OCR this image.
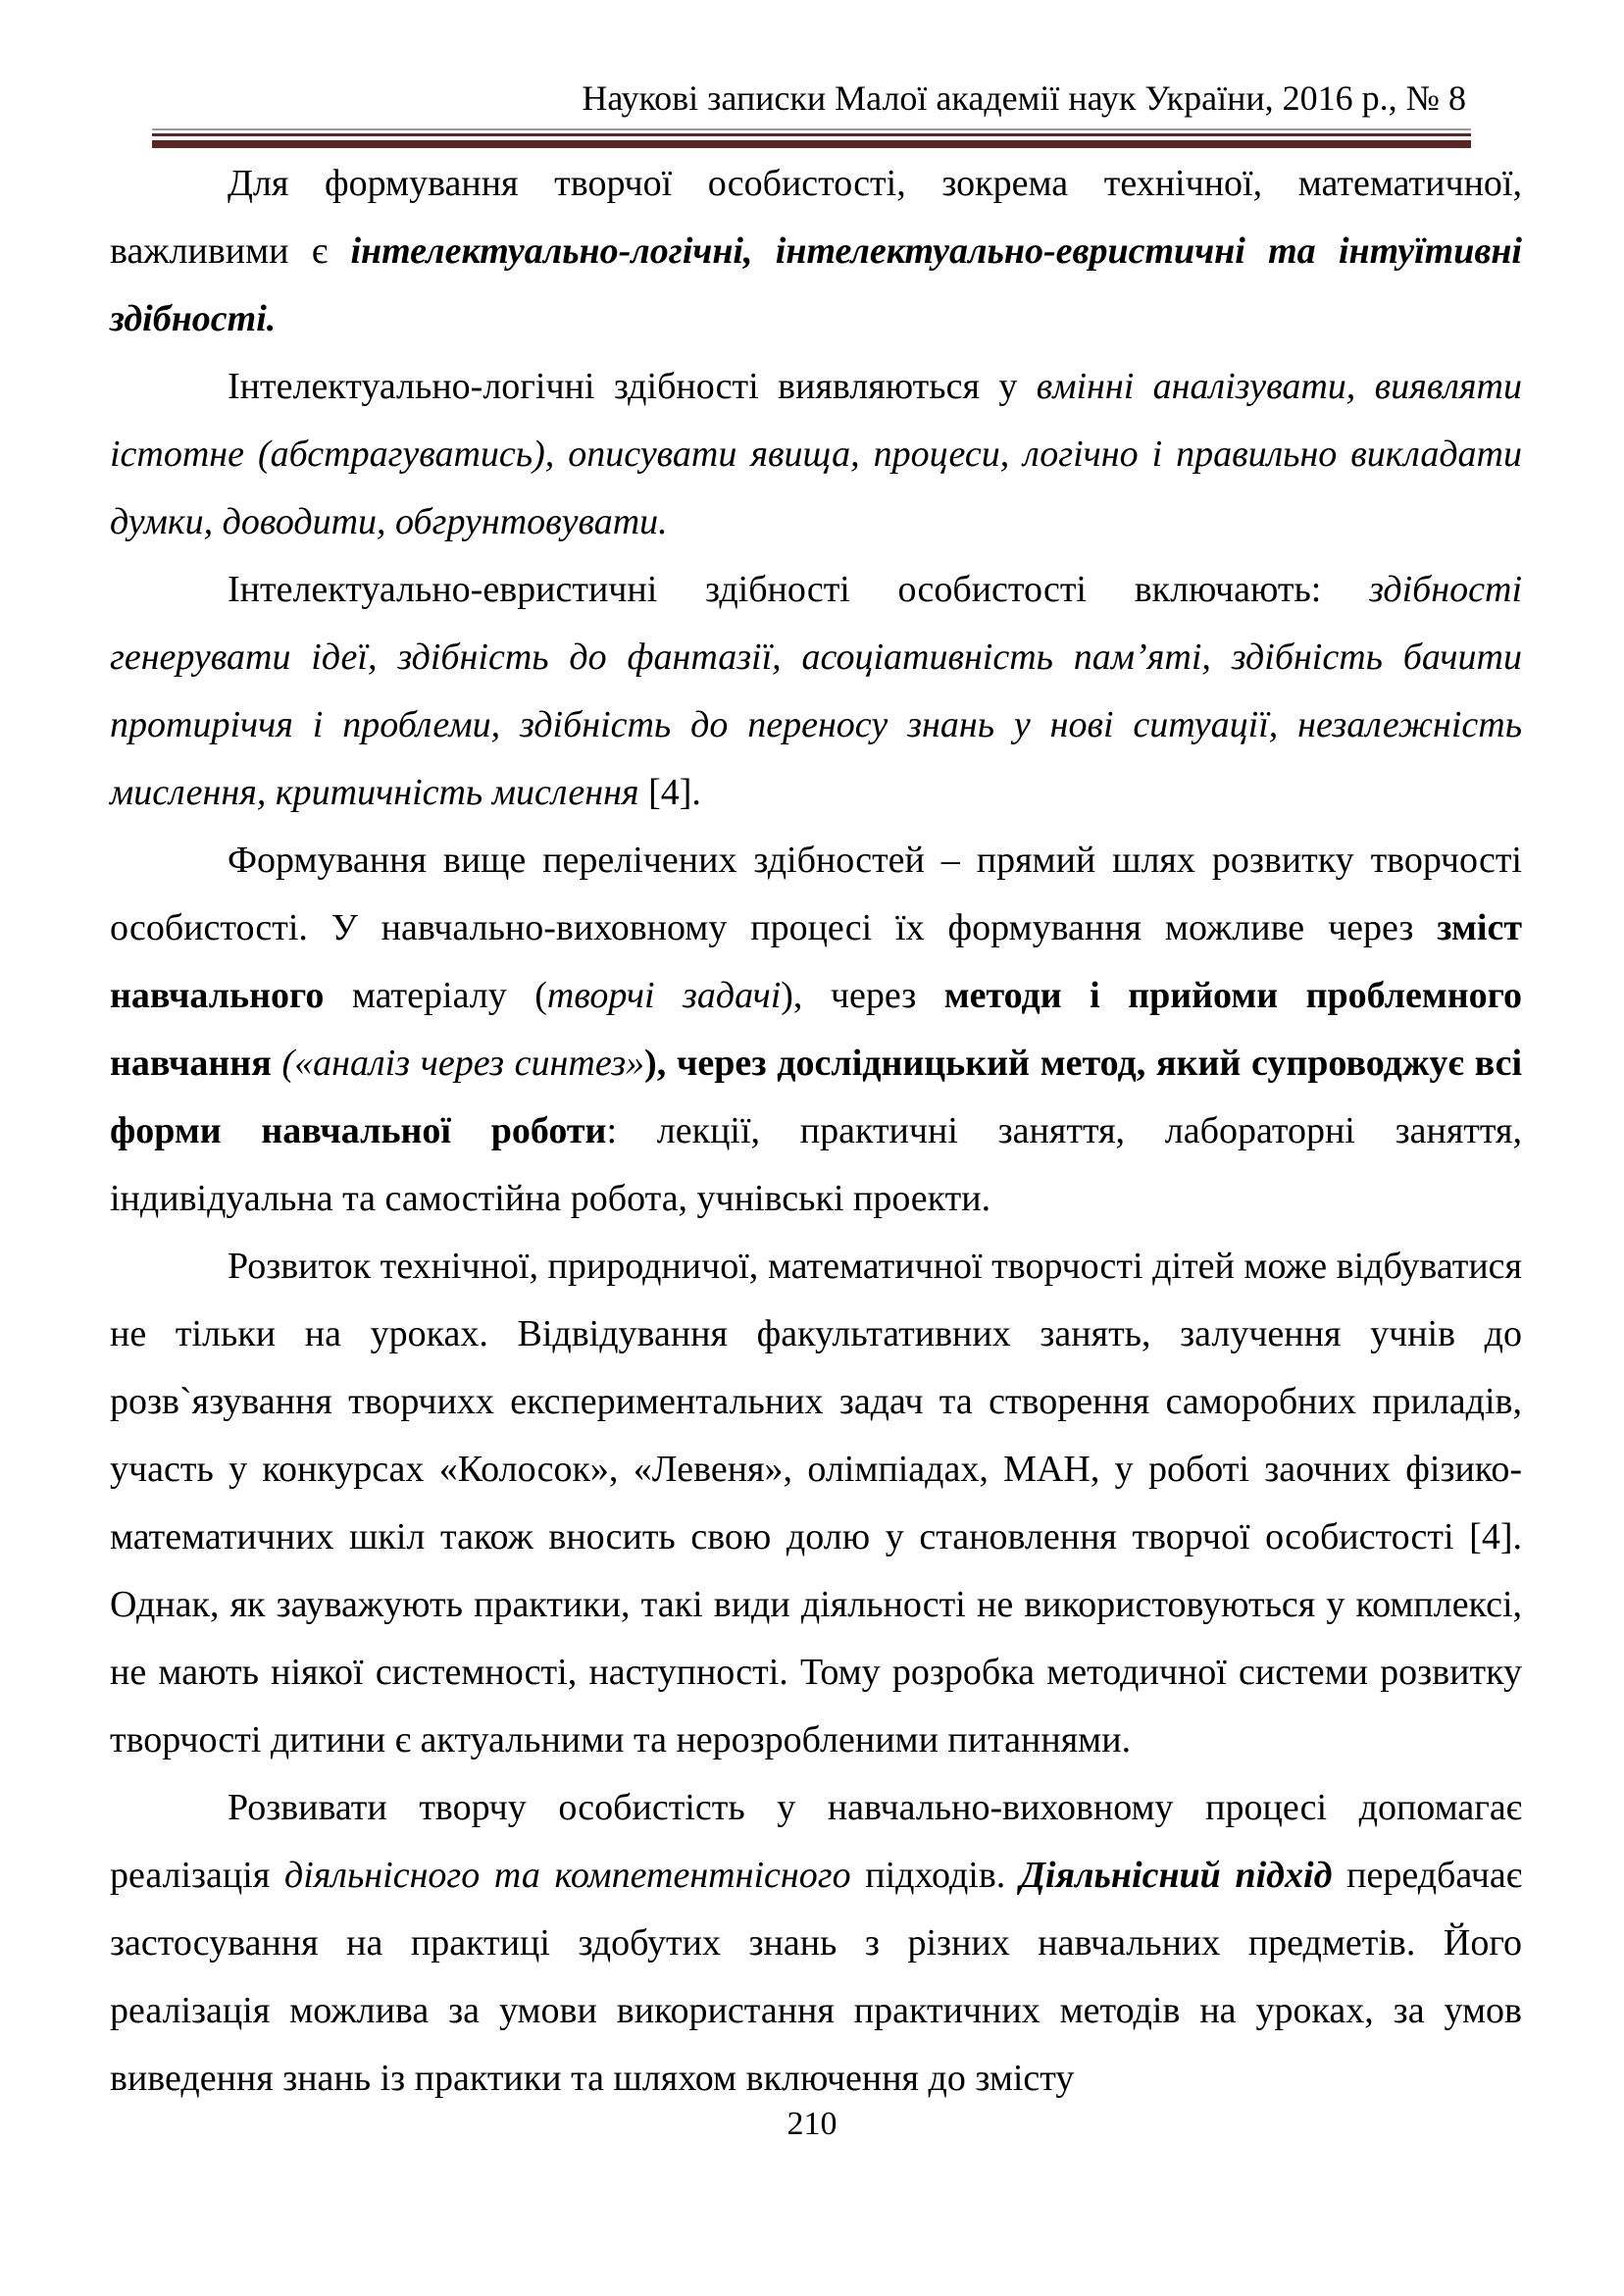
Наукові записки Малої академії наук України, 2016 р., № 8

Для формування творчої особистості, зокрема технічної, математичної, важливими є інтелектуально-логічні, інтелектуально-евристичні та інтуїтивні здібності.

Інтелектуально-логічні здібності виявляються у вмінні аналізувати, виявляти істотне (абстрагуватись), описувати явища, процеси, логічно і правильно викладати думки, доводити, обгрунтовувати.

Інтелектуально-евристичні здібності особистості включають: здібності генерувати ідеї, здібність до фантазії, асоціативність пам’яті, здібність бачити протиріччя і проблеми, здібність до переносу знань у нові ситуації, незалежність мислення, критичність мислення [4].

Формування вище перелічених здібностей – прямий шлях розвитку творчості особистості. У навчально-виховному процесі їх формування можливе через зміст навчального матеріалу (творчі задачі), через методи і прийоми проблемного навчання («аналіз через синтез»), через дослідницький метод, який супроводжує всі форми навчальної роботи: лекції, практичні заняття, лабораторні заняття, індивідуальна та самостійна робота, учнівські проекти.

Розвиток технічної, природничої, математичної творчості дітей може відбуватися не тільки на уроках. Відвідування факультативних занять, залучення учнів до розв`язування творчихх експериментальних задач та створення саморобних приладів, участь у конкурсах «Колосок», «Левеня», олімпіадах, МАН, у роботі заочних фізико-математичних шкіл також вносить свою долю у становлення творчої особистості [4]. Однак, як зауважують практики, такі види діяльності не використовуються у комплексі, не мають ніякої системності, наступності. Тому розробка методичної системи розвитку творчості дитини є актуальними та нерозробленими питаннями.

Розвивати творчу особистість у навчально-виховному процесі допомагає реалізація діяльнісного та компетентнісного підходів. Діяльнісний підхід передбачає застосування на практиці здобутих знань з різних навчальних предметів. Його реалізація можлива за умови використання практичних методів на уроках, за умов виведення знань із практики та шляхом включення до змісту

210
